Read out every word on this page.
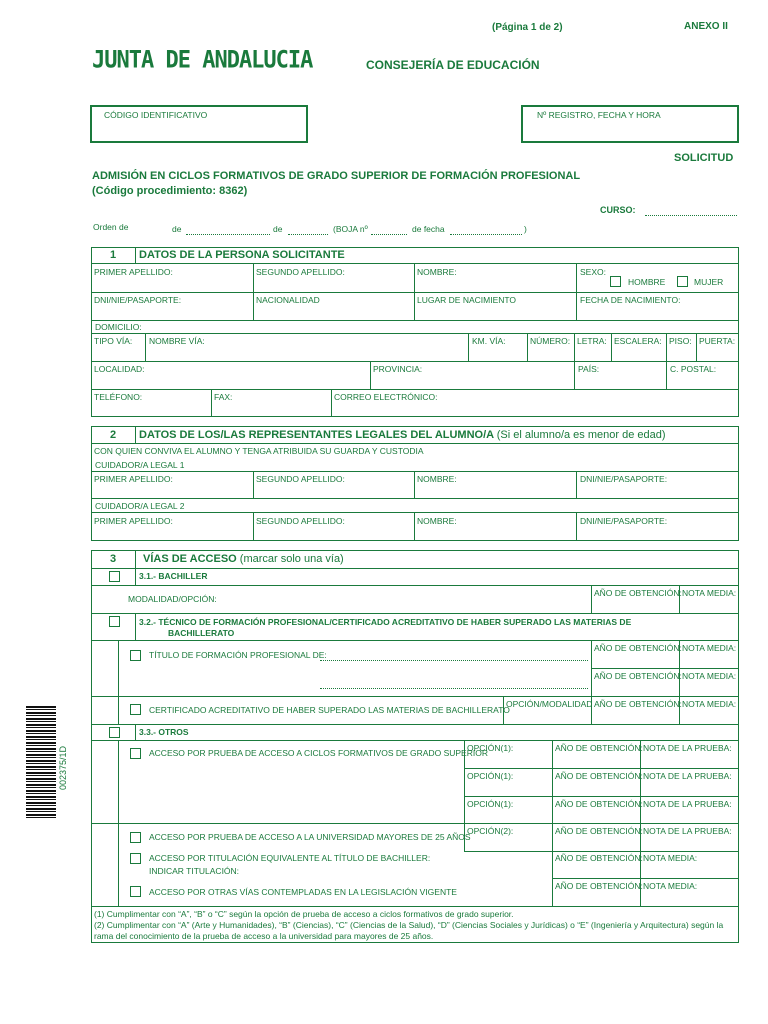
(Página 1 de 2)	ANEXO II
JUNTA DE ANDALUCIA	CONSEJERÍA DE EDUCACIÓN
CÓDIGO IDENTIFICATIVO	Nº REGISTRO, FECHA Y HORA
SOLICITUD
ADMISIÓN EN CICLOS FORMATIVOS DE GRADO SUPERIOR DE FORMACIÓN PROFESIONAL
(Código procedimiento: 8362)
CURSO:
Orden de	de	de	(BOJA nº	de fecha	)
002375/1D
1 DATOS DE LA PERSONA SOLICITANTE
PRIMER APELLIDO:	SEGUNDO APELLIDO:	NOMBRE:	SEXO:
HOMBRE	MUJER
DNI/NIE/PASAPORTE:	NACIONALIDAD	LUGAR DE NACIMIENTO	FECHA DE NACIMIENTO:
DOMICILIO:
TIPO VÍA: NOMBRE VÍA:	KM. VÍA:	NÚMERO: LETRA: ESCALERA: PISO: PUERTA:
LOCALIDAD:	PROVINCIA:	PAÍS:	C. POSTAL:
TELÉFONO:	FAX:	CORREO ELECTRÓNICO:
2 DATOS DE LOS/LAS REPRESENTANTES LEGALES DEL ALUMNO/A (Si el alumno/a es menor de edad)
CON QUIEN CONVIVA EL ALUMNO Y TENGA ATRIBUIDA SU GUARDA Y CUSTODIA
CUIDADOR/A LEGAL 1
PRIMER APELLIDO:	SEGUNDO APELLIDO:	NOMBRE:	DNI/NIE/PASAPORTE:
CUIDADOR/A LEGAL 2
PRIMER APELLIDO:	SEGUNDO APELLIDO:	NOMBRE:	DNI/NIE/PASAPORTE:
3 VÍAS DE ACCESO (marcar solo una vía)
3.1.- BACHILLER
MODALIDAD/OPCIÓN:
AÑO DE OBTENCIÓN: NOTA MEDIA:
3.2.- TÉCNICO DE FORMACIÓN PROFESIONAL/CERTIFICADO ACREDITATIVO DE HABER SUPERADO LAS MATERIAS DE
BACHILLERATO
TÍTULO DE FORMACIÓN PROFESIONAL DE:
AÑO DE OBTENCIÓN: NOTA MEDIA:
AÑO DE OBTENCIÓN: NOTA MEDIA:
CERTIFICADO ACREDITATIVO DE HABER SUPERADO LAS MATERIAS DE BACHILLERATO
OPCIÓN/MODALIDAD AÑO DE OBTENCIÓN: NOTA MEDIA:
3.3.- OTROS
ACCESO POR PRUEBA DE ACCESO A CICLOS FORMATIVOS DE GRADO SUPERIOR
OPCIÓN(1):	AÑO DE OBTENCIÓN: NOTA DE LA PRUEBA:
OPCIÓN(1):	AÑO DE OBTENCIÓN: NOTA DE LA PRUEBA:
OPCIÓN(1):	AÑO DE OBTENCIÓN: NOTA DE LA PRUEBA:
ACCESO POR PRUEBA DE ACCESO A LA UNIVERSIDAD MAYORES DE 25 AÑOS
OPCIÓN(2):	AÑO DE OBTENCIÓN: NOTA DE LA PRUEBA:
ACCESO POR TITULACIÓN EQUIVALENTE AL TÍTULO DE BACHILLER:
INDICAR TITULACIÓN:
AÑO DE OBTENCIÓN: NOTA MEDIA:
ACCESO POR OTRAS VÍAS CONTEMPLADAS EN LA LEGISLACIÓN VIGENTE
AÑO DE OBTENCIÓN: NOTA MEDIA:
(1) Cumplimentar con “A”, “B” o “C” según la opción de prueba de acceso a ciclos formativos de grado superior.
(2) Cumplimentar con “A” (Arte y Humanidades), “B” (Ciencias), “C” (Ciencias de la Salud), “D” (Ciencias Sociales y Jurídicas) o “E” (Ingeniería y Arquitectura) según la
rama del conocimiento de la prueba de acceso a la universidad para mayores de 25 años.
